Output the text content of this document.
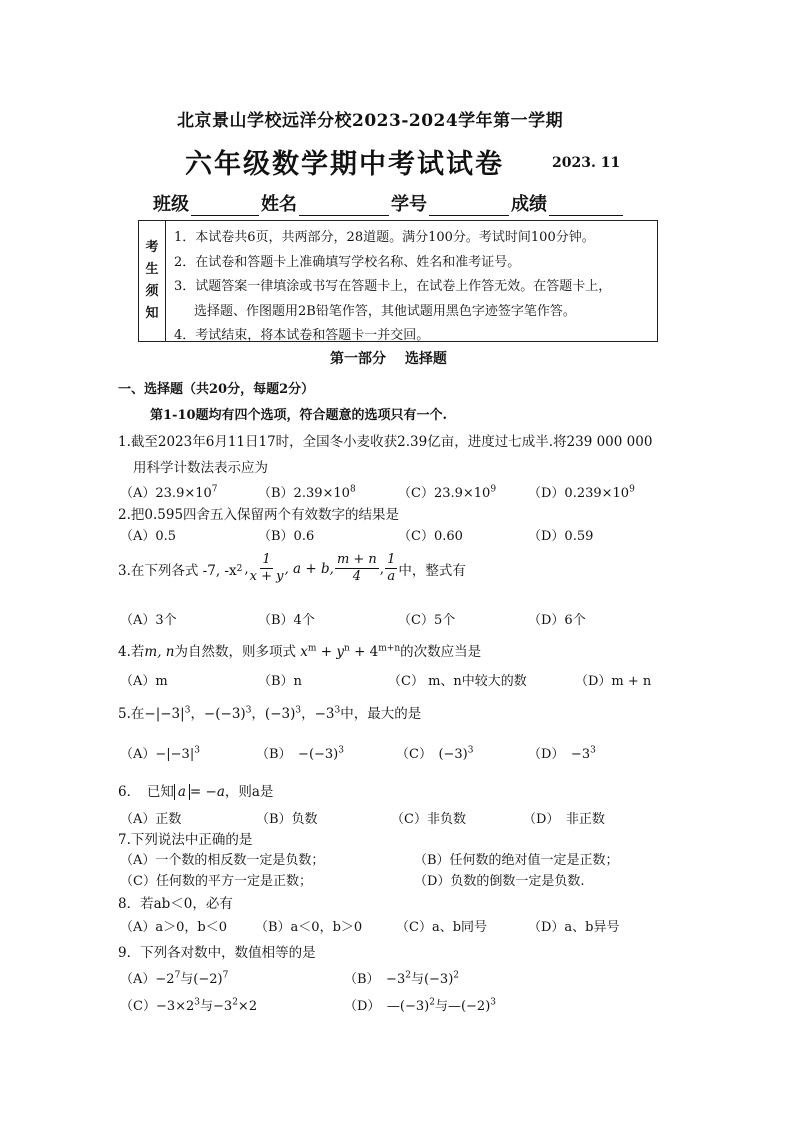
北京景山学校远洋分校2023-2024学年第一学期
六年级数学期中考试试卷	2023. 11
班级	姓名	学号	成绩
考
生
须
知
1．本试卷共6页，共两部分，28道题。满分100分。考试时间100分钟。
2．在试卷和答题卡上准确填写学校名称、姓名和准考证号。
3．试题答案一律填涂或书写在答题卡上，在试卷上作答无效。在答题卡上，
选择题、作图题用2B铅笔作答，其他试题用黑色字迹签字笔作答。
4．考试结束，将本试卷和答题卡一并交回。
第一部分　 选择题
一、选择题（共20分，每题2分）
第1-10题均有四个选项，符合题意的选项只有一个.
1.截至2023年6月11日17时，全国冬小麦收获2.39亿亩，进度过七成半.将239 000 000
用科学计数法表示应为
$(A)23.9\times 10^7$	$(B)2.39\times 10^8$	$(C)23.9\times 10^9$ $(D)0.239\times 10^9$
2.把0.595四舍五入保留两个有效数字的结果是
（A）0.5	（B）0.6	（C）0.60	（D）0.59
3.在下列各式 -7, -x 2 , $\frac{1}{x + y}$ , a + b, $\frac{m + n}{4}$ , $\frac{1}{a}$ 中，整式有
（A）3个	（B）4个	（C）5个	（D）6个
4.若m, n为自然数，则多项式 $x^m + y^n + 4^{m+n}$的次数应当是
（A）m	（B）n	（C） m、n中较大的数	（D）m + n
5.在$-|-3|^3$，$-(-3)^3$，$(-3)^3$，$-3^3$中，最大的是
$(A)-|-3|^3$	（B）　$-(-3)^3$	（C）　$(-3)^3$	（D）　$-3^3$
6．　已知 a = −a，则a是
（A）正数	（B）负数	（C）非负数	（D）　非正数
7.下列说法中正确的是
（A）一个数的相反数一定是负数；	（B）任何数的绝对值一定是正数；
（C）任何数的平方一定是正数；	（D）负数的倒数一定是负数.
8．若ab＜0，必有
（A）a＞0，b＜0 （B）a＜0，b＞0	（C）a、b同号	（D）a、b异号
9．下列各对数中，数值相等的是
$(A)-2^7$与$(-2)^7$	（B）　$-3^2$与$(-3)^2$
$(C)-3\times 2^3$与$-3^2\times 2$	（D）　$—(-3)^2$与$—(-2)^3$
